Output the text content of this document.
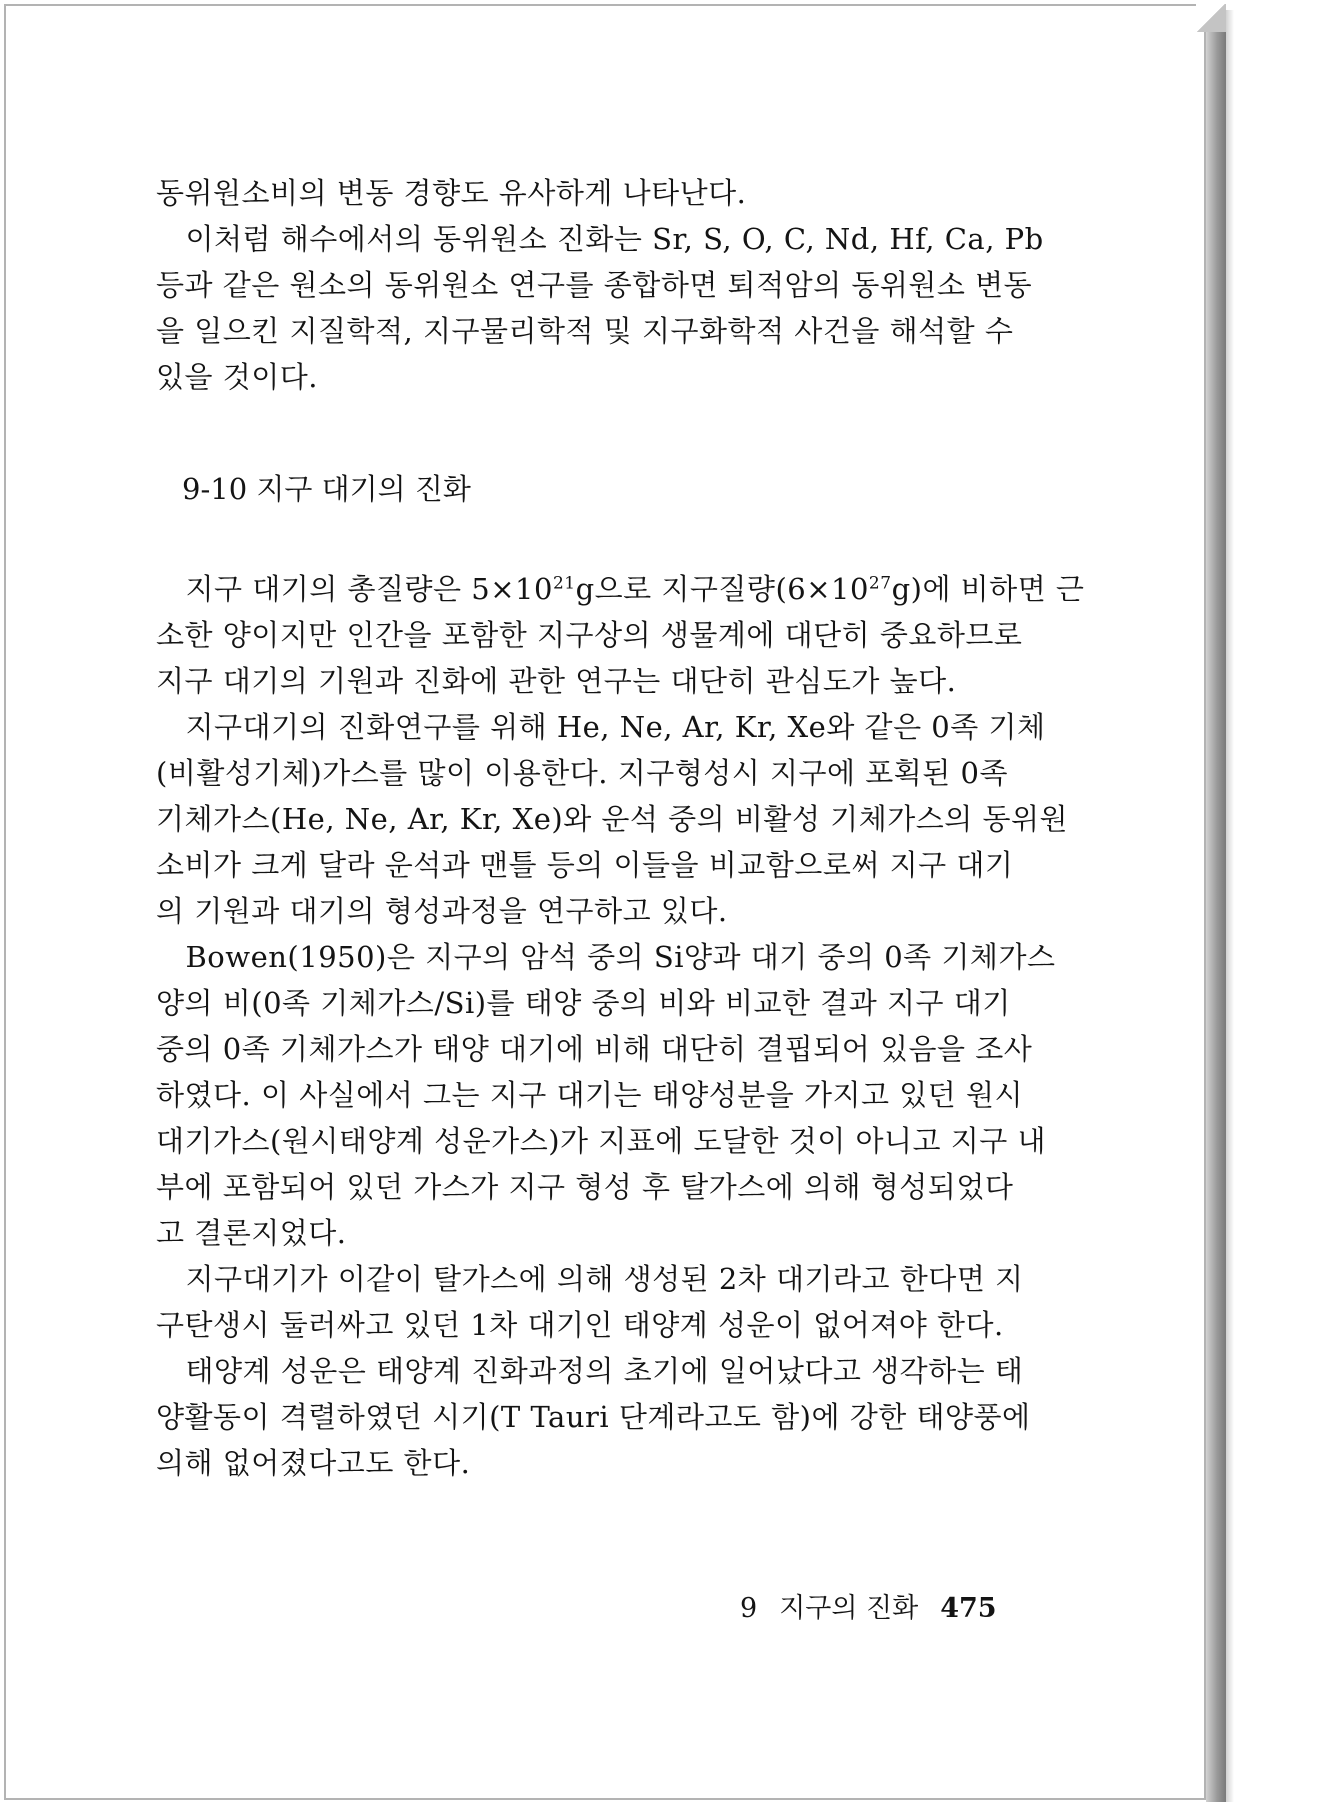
동위원소비의 변동 경향도 유사하게 나타난다.
　이처럼 해수에서의 동위원소 진화는 Sr, S, O, C, Nd, Hf, Ca, Pb
등과 같은 원소의 동위원소 연구를 종합하면 퇴적암의 동위원소 변동
을 일으킨 지질학적, 지구물리학적 및 지구화학적 사건을 해석할 수
있을 것이다.
9-10 지구 대기의 진화
　지구 대기의 총질량은 $5\times 10^{21}g$으로 지구질량$(6\times 10^{27}g)$에 비하면 근
소한 양이지만 인간을 포함한 지구상의 생물계에 대단히 중요하므로
지구 대기의 기원과 진화에 관한 연구는 대단히 관심도가 높다.
　지구대기의 진화연구를 위해 He, Ne, Ar, Kr, Xe와 같은 0족 기체
(비활성기체)가스를 많이 이용한다. 지구형성시 지구에 포획된 0족
기체가스(He, Ne, Ar, Kr, Xe)와 운석 중의 비활성 기체가스의 동위원
소비가 크게 달라 운석과 맨틀 등의 이들을 비교함으로써 지구 대기
의 기원과 대기의 형성과정을 연구하고 있다.
　Bowen(1950)은 지구의 암석 중의 Si양과 대기 중의 0족 기체가스
양의 비(0족 기체가스/Si)를 태양 중의 비와 비교한 결과 지구 대기
중의 0족 기체가스가 태양 대기에 비해 대단히 결핍되어 있음을 조사
하였다. 이 사실에서 그는 지구 대기는 태양성분을 가지고 있던 원시
대기가스(원시태양계 성운가스)가 지표에 도달한 것이 아니고 지구 내
부에 포함되어 있던 가스가 지구 형성 후 탈가스에 의해 형성되었다
고 결론지었다.
　지구대기가 이같이 탈가스에 의해 생성된 2차 대기라고 한다면 지
구탄생시 둘러싸고 있던 1차 대기인 태양계 성운이 없어져야 한다.
　태양계 성운은 태양계 진화과정의 초기에 일어났다고 생각하는 태
양활동이 격렬하였던 시기(T Tauri 단계라고도 함)에 강한 태양풍에
의해 없어졌다고도 한다.
9 지구의 진화 475
